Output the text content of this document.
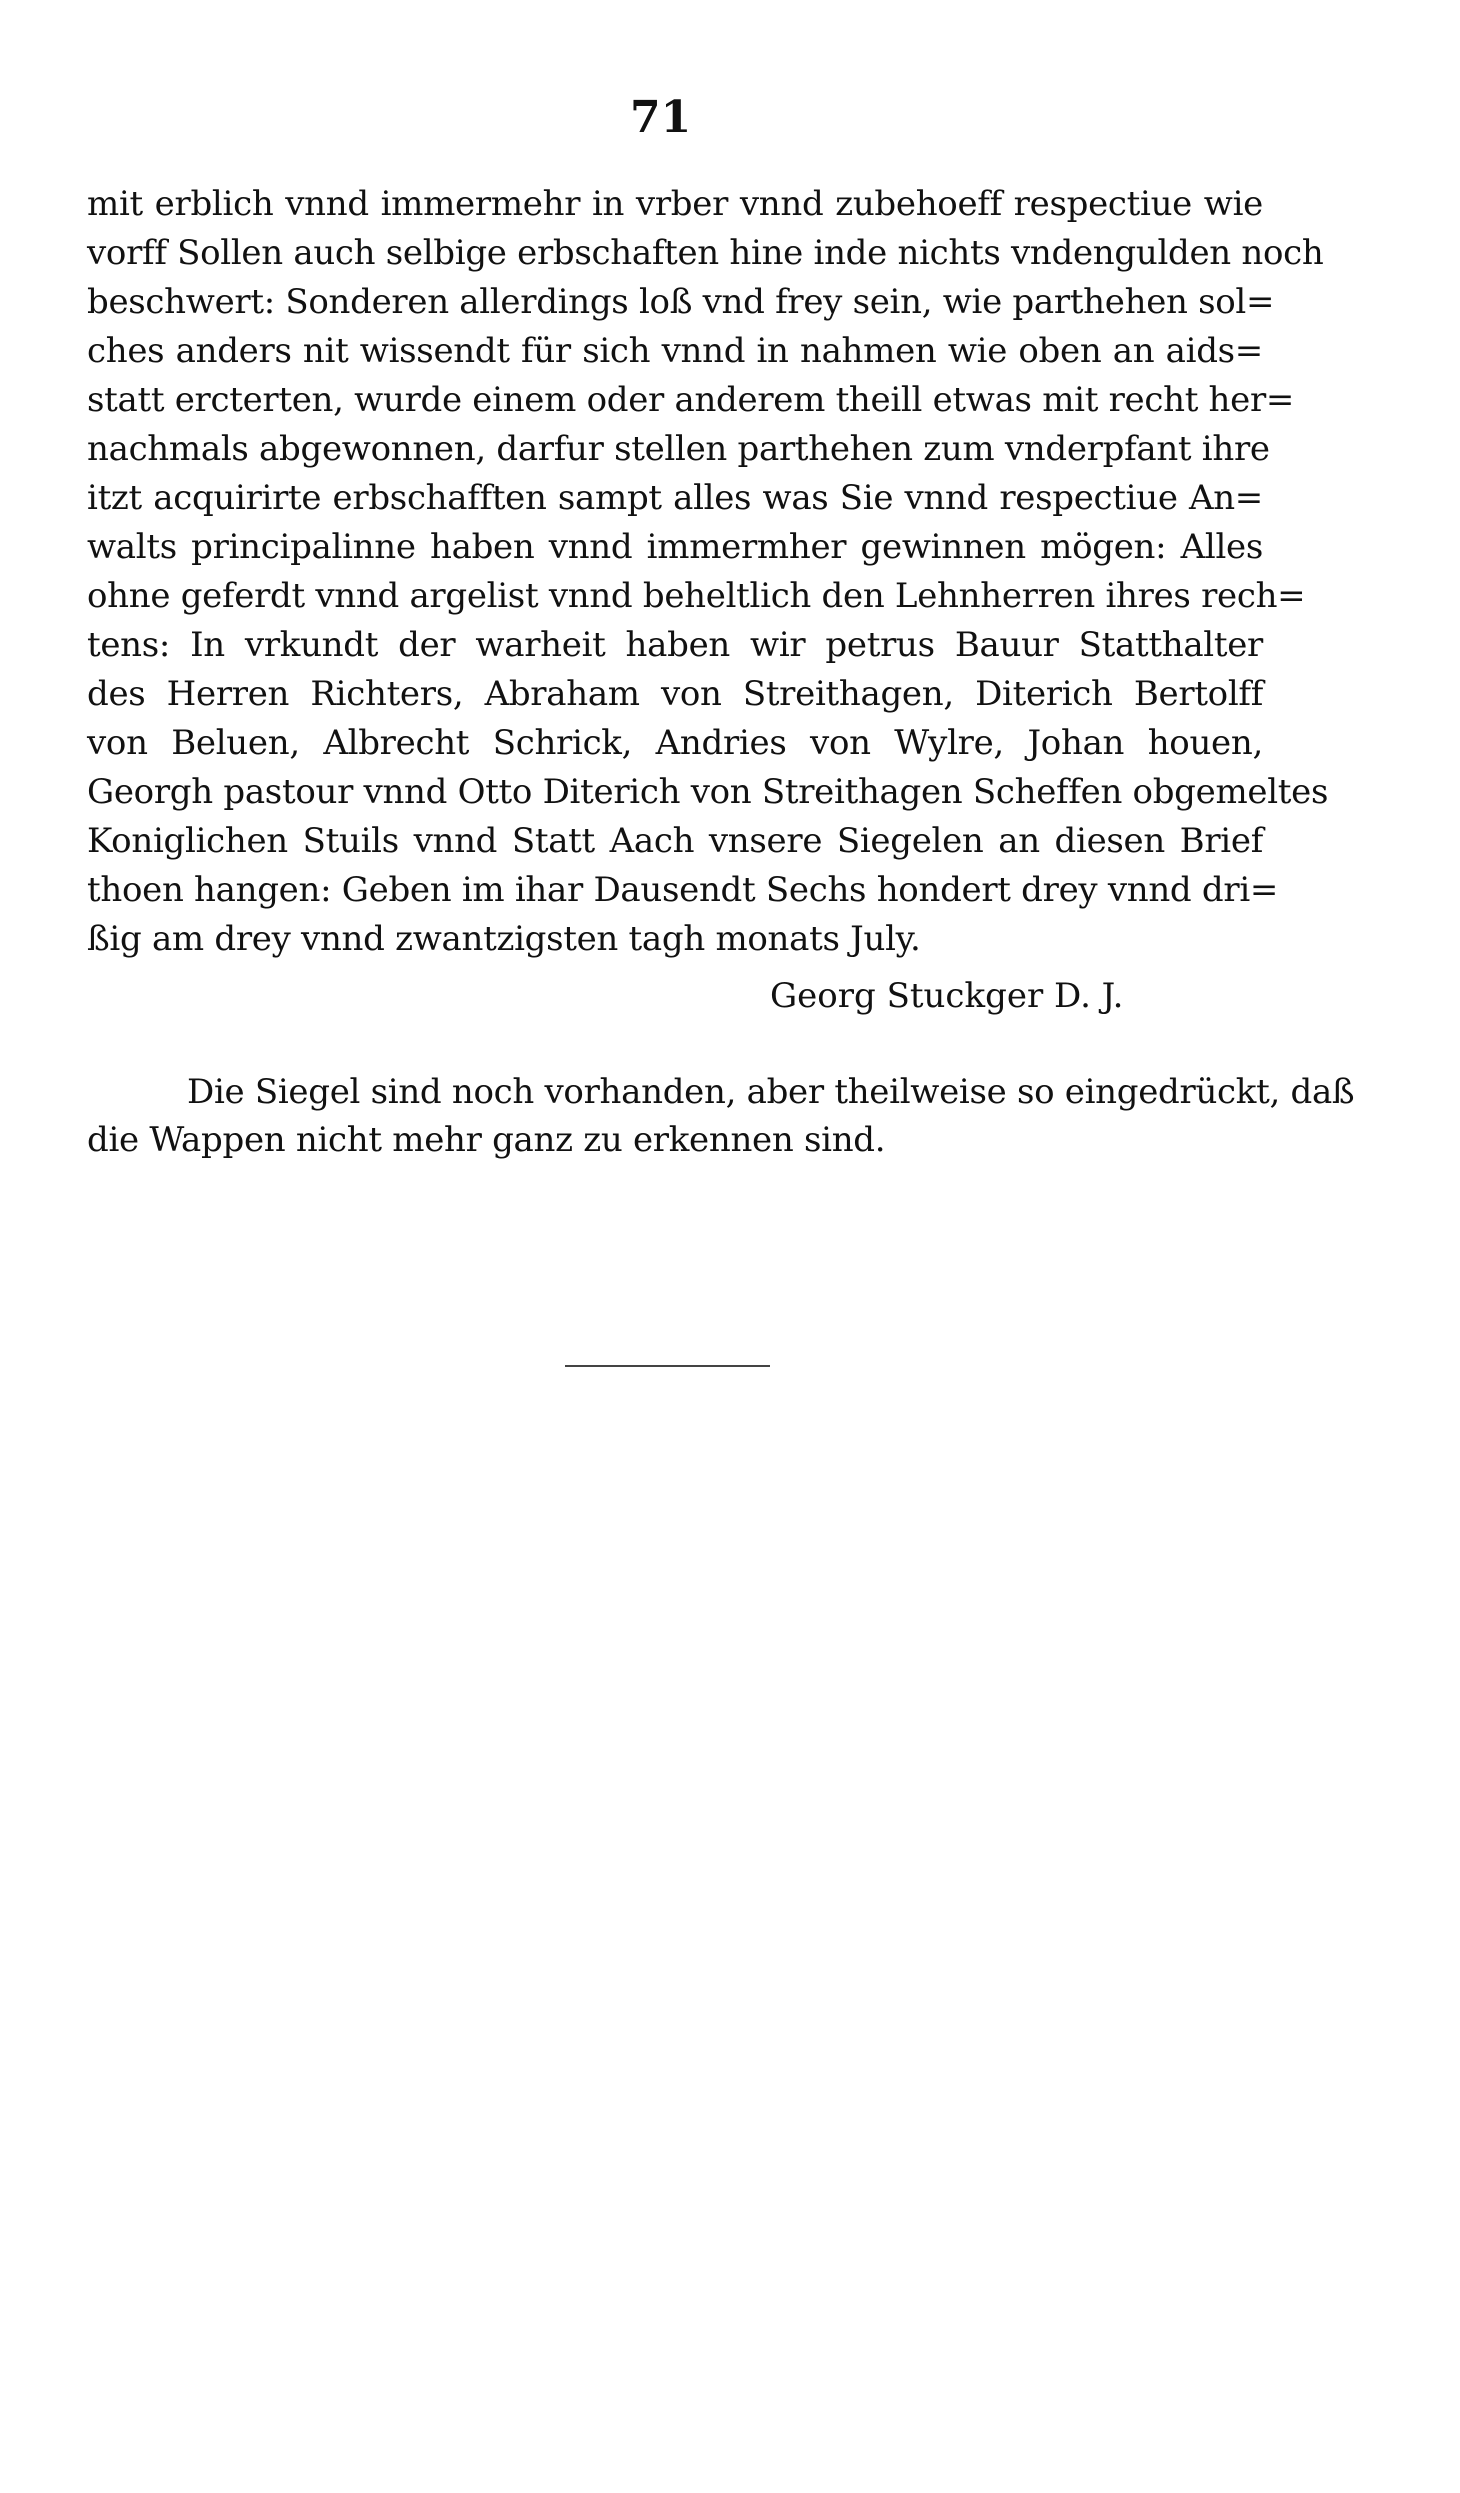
71
mit erblich vnnd immermehr in vrber vnnd zubehoeff respectiue wie
vorff Sollen auch selbige erbschaften hine inde nichts vndengulden noch
beschwert: Sonderen allerdings loß vnd frey sein, wie parthehen sol=
ches anders nit wissendt für sich vnnd in nahmen wie oben an aids=
statt ercterten, wurde einem oder anderem theill etwas mit recht her=
nachmals abgewonnen, darfur stellen parthehen zum vnderpfant ihre
itzt acquirirte erbschafften sampt alles was Sie vnnd respectiue An=
walts principalinne haben vnnd immermher gewinnen mögen: Alles
ohne geferdt vnnd argelist vnnd beheltlich den Lehnherren ihres rech=
tens: In vrkundt der warheit haben wir petrus Bauur Statthalter
des Herren Richters, Abraham von Streithagen, Diterich Bertolff
von Beluen, Albrecht Schrick, Andries von Wylre, Johan houen,
Georgh pastour vnnd Otto Diterich von Streithagen Scheffen obgemeltes
Koniglichen Stuils vnnd Statt Aach vnsere Siegelen an diesen Brief
thoen hangen: Geben im ihar Dausendt Sechs hondert drey vnnd dri=
ßig am drey vnnd zwantzigsten tagh monats July.
Georg Stuckger D. J.
Die Siegel sind noch vorhanden, aber theilweise so eingedrückt, daß
die Wappen nicht mehr ganz zu erkennen sind.
